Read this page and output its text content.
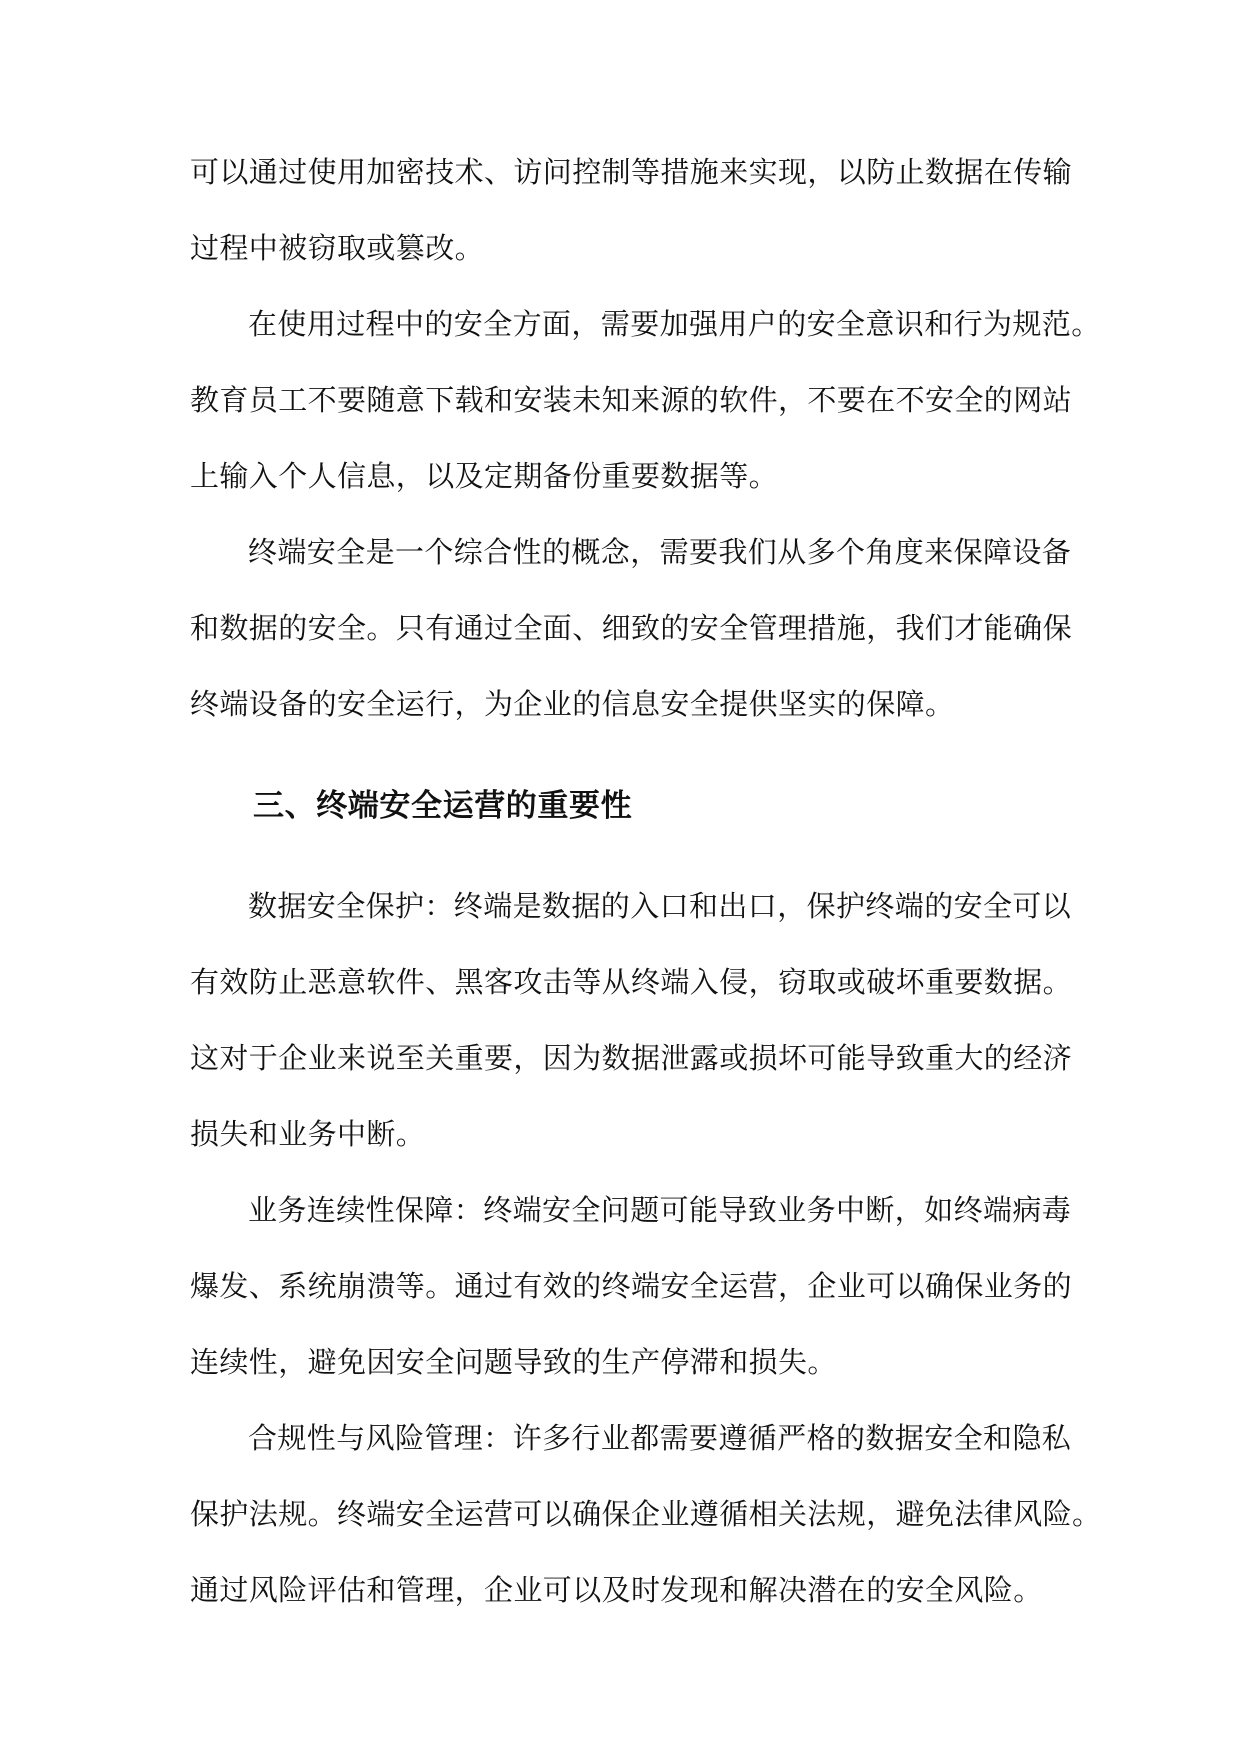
可以通过使用加密技术、访问控制等措施来实现，以防止数据在传输
过程中被窃取或篡改。
在使用过程中的安全方面，需要加强用户的安全意识和行为规范。
教育员工不要随意下载和安装未知来源的软件，不要在不安全的网站
上输入个人信息，以及定期备份重要数据等。
终端安全是一个综合性的概念，需要我们从多个角度来保障设备
和数据的安全。只有通过全面、细致的安全管理措施，我们才能确保
终端设备的安全运行，为企业的信息安全提供坚实的保障。
三、终端安全运营的重要性
数据安全保护：终端是数据的入口和出口，保护终端的安全可以
有效防止恶意软件、黑客攻击等从终端入侵，窃取或破坏重要数据。
这对于企业来说至关重要，因为数据泄露或损坏可能导致重大的经济
损失和业务中断。
业务连续性保障：终端安全问题可能导致业务中断，如终端病毒
爆发、系统崩溃等。通过有效的终端安全运营，企业可以确保业务的
连续性，避免因安全问题导致的生产停滞和损失。
合规性与风险管理：许多行业都需要遵循严格的数据安全和隐私
保护法规。终端安全运营可以确保企业遵循相关法规，避免法律风险。
通过风险评估和管理，企业可以及时发现和解决潜在的安全风险。
